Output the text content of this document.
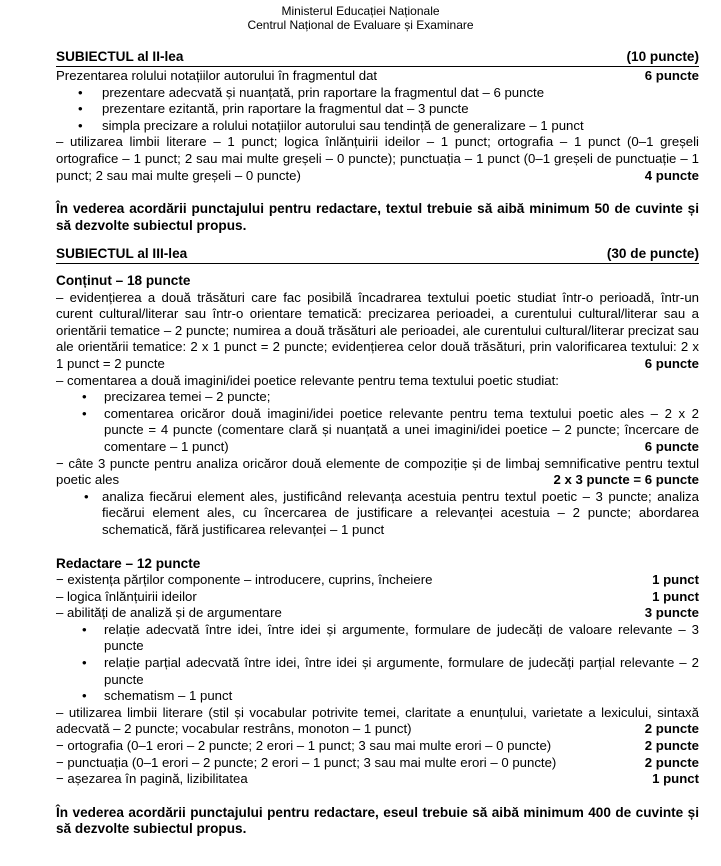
Ministerul Educației Naționale
Centrul Național de Evaluare și Examinare
SUBIECTUL al II-lea	(10 puncte)
Prezentarea rolului notațiilor autorului în fragmentul dat	6 puncte
• prezentare adecvată și nuanțată, prin raportare la fragmentul dat – 6 puncte
• prezentare ezitantă, prin raportare la fragmentul dat – 3 puncte
• simpla precizare a rolului notațiilor autorului sau tendință de generalizare – 1 punct
– utilizarea limbii literare – 1 punct; logica înlănțuirii ideilor – 1 punct; ortografia – 1 punct (0–1 greșeli ortografice – 1 punct; 2 sau mai multe greșeli – 0 puncte); punctuația – 1 punct (0–1 greșeli de punctuație – 1 punct; 2 sau mai multe greșeli – 0 puncte)	4 puncte
În vederea acordării punctajului pentru redactare, textul trebuie să aibă minimum 50 de cuvinte și să dezvolte subiectul propus.
SUBIECTUL al III-lea	(30 de puncte)
Conținut – 18 puncte
– evidențierea a două trăsături care fac posibilă încadrarea textului poetic studiat într-o perioadă, într-un curent cultural/literar sau într-o orientare tematică: precizarea perioadei, a curentului cultural/literar sau a orientării tematice – 2 puncte; numirea a două trăsături ale perioadei, ale curentului cultural/literar precizat sau ale orientării tematice: 2 x 1 punct = 2 puncte; evidențierea celor două trăsături, prin valorificarea textului: 2 x 1 punct = 2 puncte	6 puncte
– comentarea a două imagini/idei poetice relevante pentru tema textului poetic studiat:
• precizarea temei – 2 puncte;
• comentarea oricăror două imagini/idei poetice relevante pentru tema textului poetic ales – 2 x 2 puncte = 4 puncte (comentare clară și nuanțată a unei imagini/idei poetice – 2 puncte; încercare de comentare – 1 punct)	6 puncte
− câte 3 puncte pentru analiza oricăror două elemente de compoziție și de limbaj semnificative pentru textul poetic ales	2 x 3 puncte = 6 puncte
• analiza fiecărui element ales, justificând relevanța acestuia pentru textul poetic – 3 puncte; analiza fiecărui element ales, cu încercarea de justificare a relevanței acestuia – 2 puncte; abordarea schematică, fără justificarea relevanței – 1 punct
Redactare – 12 puncte
− existența părților componente – introducere, cuprins, încheiere	1 punct
– logica înlănțuirii ideilor	1 punct
– abilități de analiză și de argumentare	3 puncte
• relație adecvată între idei, între idei și argumente, formulare de judecăți de valoare relevante – 3 puncte
• relație parțial adecvată între idei, între idei și argumente, formulare de judecăți parțial relevante – 2 puncte
• schematism – 1 punct
– utilizarea limbii literare (stil și vocabular potrivite temei, claritate a enunțului, varietate a lexicului, sintaxă adecvată – 2 puncte; vocabular restrâns, monoton – 1 punct)	2 puncte
− ortografia (0–1 erori – 2 puncte; 2 erori – 1 punct; 3 sau mai multe erori – 0 puncte)	2 puncte
− punctuația (0–1 erori – 2 puncte; 2 erori – 1 punct; 3 sau mai multe erori – 0 puncte)	2 puncte
− așezarea în pagină, lizibilitatea	1 punct
În vederea acordării punctajului pentru redactare, eseul trebuie să aibă minimum 400 de cuvinte și să dezvolte subiectul propus.
